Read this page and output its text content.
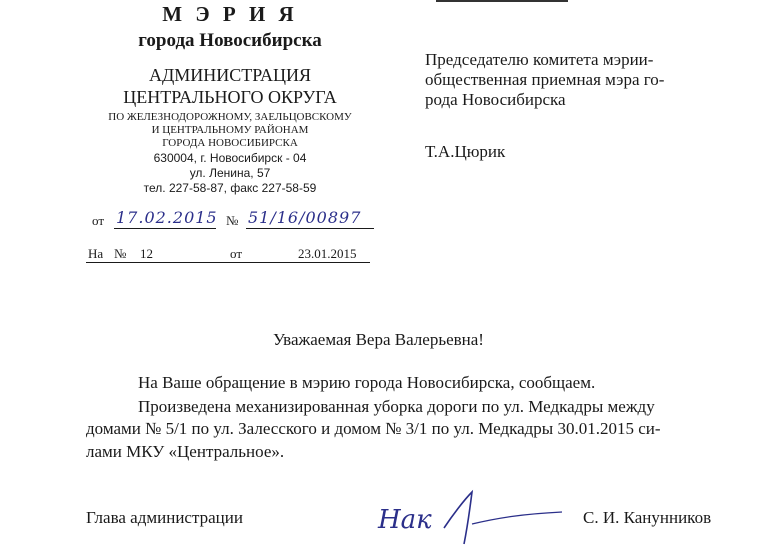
М Э Р И Я
города Новосибирска
АДМИНИСТРАЦИЯ
ЦЕНТРАЛЬНОГО ОКРУГА
ПО ЖЕЛЕЗНОДОРОЖНОМУ, ЗАЕЛЬЦОВСКОМУ
И ЦЕНТРАЛЬНОМУ РАЙОНАМ
ГОРОДА НОВОСИБИРСКА
630004, г. Новосибирск - 04
ул. Ленина, 57
тел. 227-58-87, факс 227-58-59
от 17.02.2015 № 51/16/00897
На № 12	от	23.01.2015
Председателю комитета мэрии-
общественная приемная мэра го-
рода Новосибирска
Т.А.Цюрик
Уважаемая Вера Валерьевна!
На Ваше обращение в мэрию города Новосибирска, сообщаем.
Произведена механизированная уборка дороги по ул. Медкадры между
домами № 5/1 по ул. Залесского и домом № 3/1 по ул. Медкадры 30.01.2015 си-
лами МКУ «Центральное».
Глава администрации	Нак	С. И. Канунников
